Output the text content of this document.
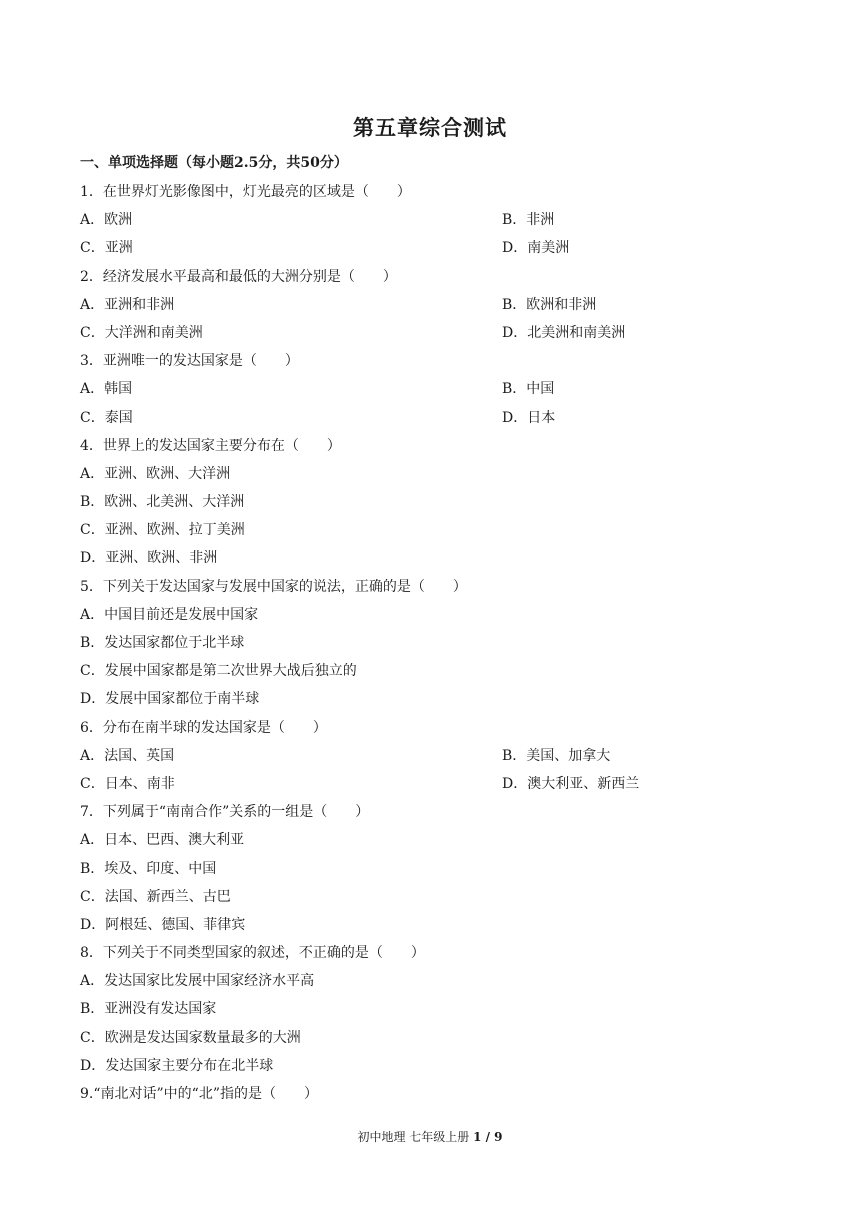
第五章综合测试
一、单项选择题（每小题2.5分，共50分）
1．在世界灯光影像图中，灯光最亮的区域是（　　）
A．欧洲	B．非洲
C．亚洲	D．南美洲
2．经济发展水平最高和最低的大洲分别是（　　）
A．亚洲和非洲	B．欧洲和非洲
C．大洋洲和南美洲	D．北美洲和南美洲
3．亚洲唯一的发达国家是（　　）
A．韩国	B．中国
C．泰国	D．日本
4．世界上的发达国家主要分布在（　　）
A．亚洲、欧洲、大洋洲
B．欧洲、北美洲、大洋洲
C．亚洲、欧洲、拉丁美洲
D．亚洲、欧洲、非洲
5．下列关于发达国家与发展中国家的说法，正确的是（　　）
A．中国目前还是发展中国家
B．发达国家都位于北半球
C．发展中国家都是第二次世界大战后独立的
D．发展中国家都位于南半球
6．分布在南半球的发达国家是（　　）
A．法国、英国	B．美国、加拿大
C．日本、南非	D．澳大利亚、新西兰
7．下列属于“南南合作”关系的一组是（　　）
A．日本、巴西、澳大利亚
B．埃及、印度、中国
C．法国、新西兰、古巴
D．阿根廷、德国、菲律宾
8．下列关于不同类型国家的叙述，不正确的是（　　）
A．发达国家比发展中国家经济水平高
B．亚洲没有发达国家
C．欧洲是发达国家数量最多的大洲
D．发达国家主要分布在北半球
9.“南北对话”中的“北”指的是（　　）
初中地理 七年级上册 1 / 9
